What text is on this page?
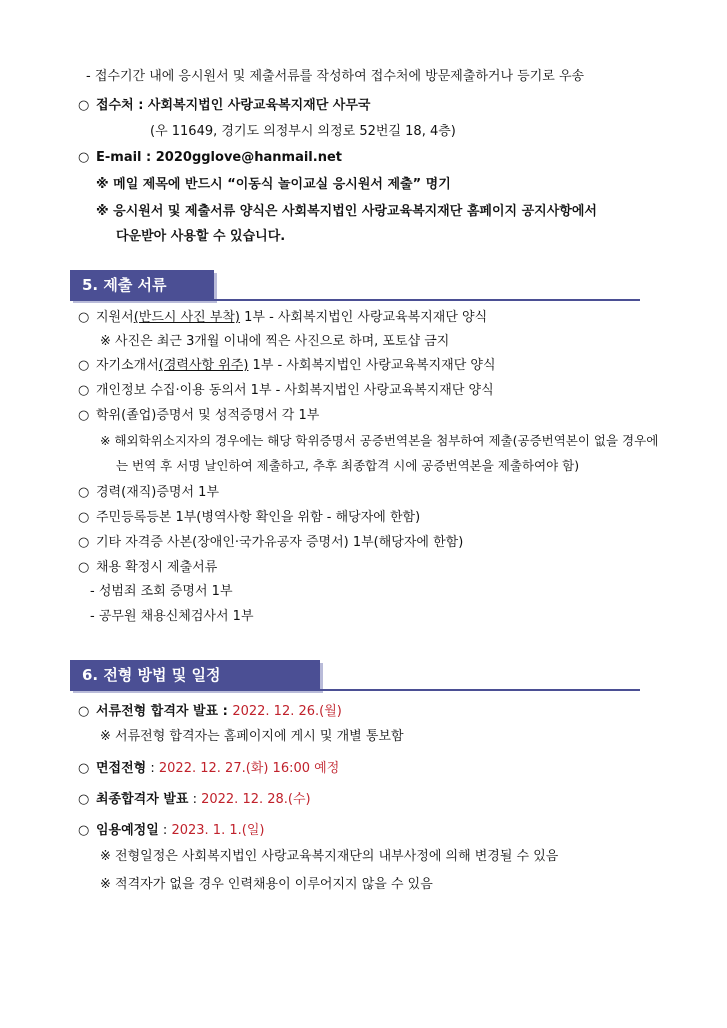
- 접수기간 내에 응시원서 및 제출서류를 작성하여 접수처에 방문제출하거나 등기로 우송
○ 접수처 : 사회복지법인 사랑교육복지재단 사무국
(우 11649, 경기도 의정부시 의정로 52번길 18, 4층)
○ E-mail : 2020gglove@hanmail.net
※ 메일 제목에 반드시 “이동식 놀이교실 응시원서 제출” 명기
※ 응시원서 및 제출서류 양식은 사회복지법인 사랑교육복지재단 홈페이지 공지사항에서
다운받아 사용할 수 있습니다.
5. 제출 서류
○ 지원서(반드시 사진 부착) 1부 - 사회복지법인 사랑교육복지재단 양식
※ 사진은 최근 3개월 이내에 찍은 사진으로 하며, 포토샵 금지
○ 자기소개서(경력사항 위주) 1부 - 사회복지법인 사랑교육복지재단 양식
○ 개인정보 수집·이용 동의서 1부 - 사회복지법인 사랑교육복지재단 양식
○ 학위(졸업)증명서 및 성적증명서 각 1부
※ 해외학위소지자의 경우에는 해당 학위증명서 공증번역본을 첨부하여 제출(공증번역본이 없을 경우에
는 번역 후 서명 날인하여 제출하고, 추후 최종합격 시에 공증번역본을 제출하여야 함)
○ 경력(재직)증명서 1부
○ 주민등록등본 1부(병역사항 확인을 위함 - 해당자에 한함)
○ 기타 자격증 사본(장애인·국가유공자 증명서) 1부(해당자에 한함)
○ 채용 확정시 제출서류
- 성범죄 조회 증명서 1부
- 공무원 채용신체검사서 1부
6. 전형 방법 및 일정
○ 서류전형 합격자 발표 : 2022. 12. 26.(월)
※ 서류전형 합격자는 홈페이지에 게시 및 개별 통보함
○ 면접전형 : 2022. 12. 27.(화) 16:00 예정
○ 최종합격자 발표 : 2022. 12. 28.(수)
○ 임용예정일 : 2023. 1. 1.(일)
※ 전형일정은 사회복지법인 사랑교육복지재단의 내부사정에 의해 변경될 수 있음
※ 적격자가 없을 경우 인력채용이 이루어지지 않을 수 있음
